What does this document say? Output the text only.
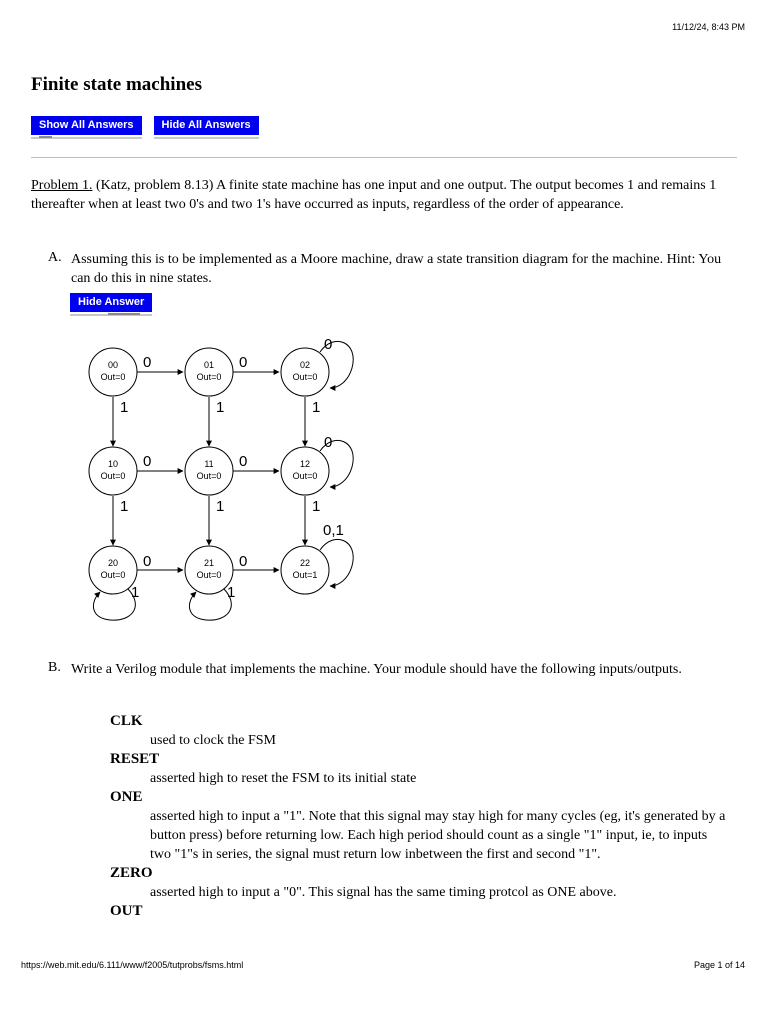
11/12/24, 8:43 PM
Finite state machines
Show All Answers	Hide All Answers

Problem 1. (Katz, problem 8.13) A finite state machine has one input and one output. The output becomes 1 and remains 1 thereafter when at least two 0's and two 1's have occurred as inputs, regardless of the order of appearance.

A. Assuming this is to be implemented as a Moore machine, draw a state transition diagram for the machine. Hint: You can do this in nine states.

Hide Answer
0	0
0	0
0	0
1	1	1
1	1	1
0
0
0,1
1	1
00
Out=0
01
Out=0
02
Out=0
10
Out=0
11
Out=0
12
Out=0
20
Out=0
21
Out=0
22
Out=1
B. Write a Verilog module that implements the machine. Your module should have the following inputs/outputs.

CLK
used to clock the FSM
RESET
asserted high to reset the FSM to its initial state
ONE
asserted high to input a "1". Note that this signal may stay high for many cycles (eg, it's generated by a button press) before returning low. Each high period should count as a single "1" input, ie, to inputs two "1"s in series, the signal must return low inbetween the first and second "1".
ZERO
asserted high to input a "0". This signal has the same timing protcol as ONE above.
OUT
https://web.mit.edu/6.111/www/f2005/tutprobs/fsms.html	Page 1 of 14
